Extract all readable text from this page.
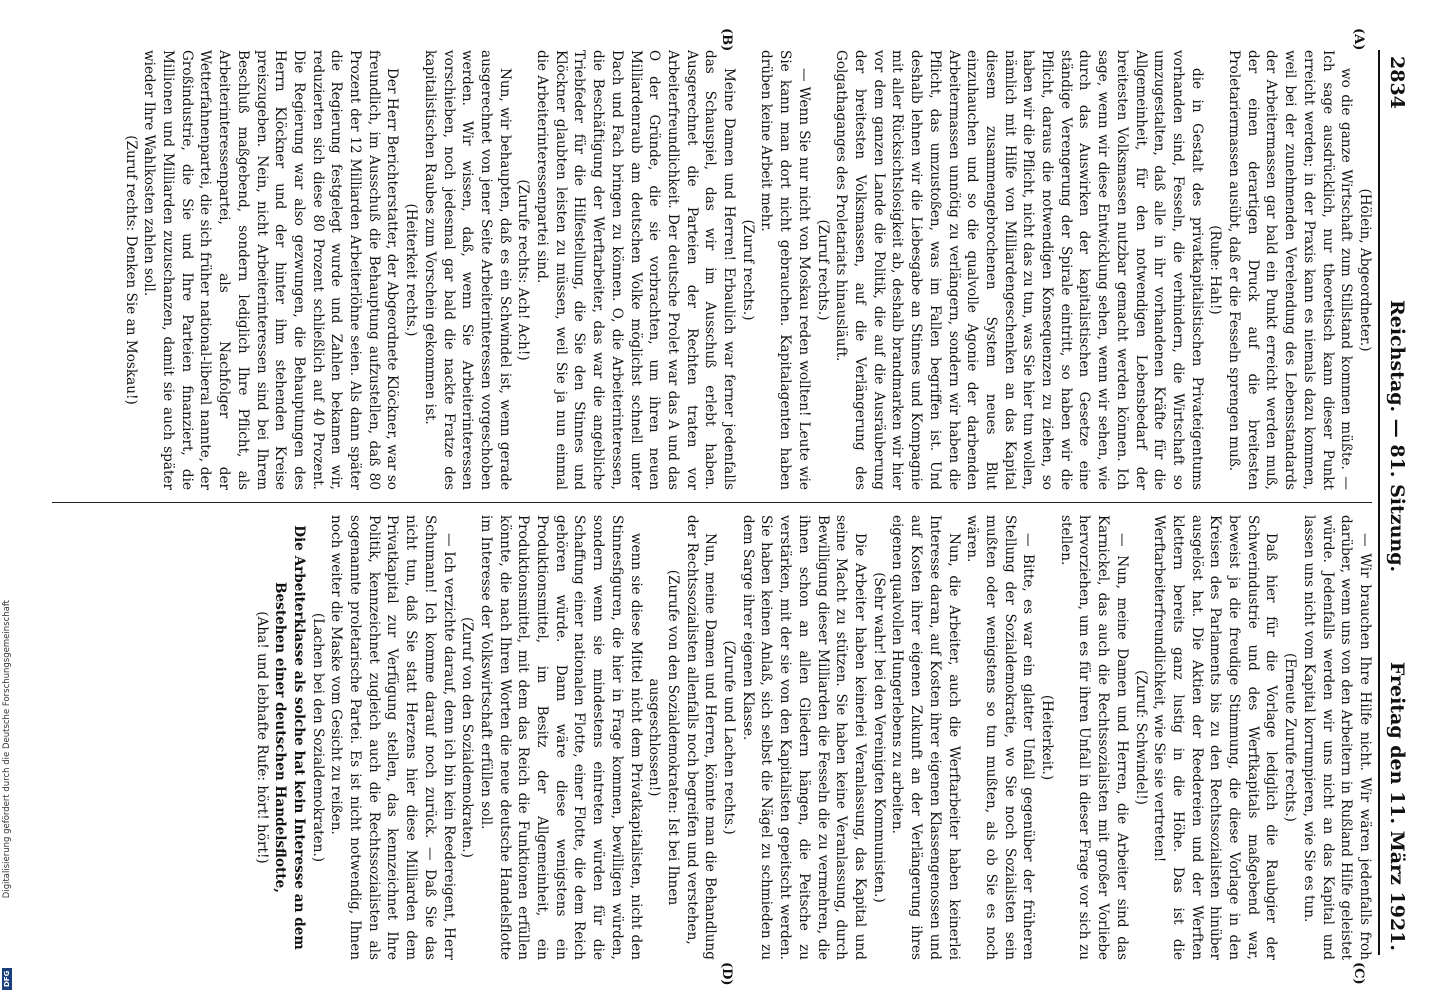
2834
Reichstag. — 81. Sitzung.
Freitag den 11. März 1921.
(A)
(B)
(C)
(D)

(Hölein, Abgeordneter.)

wo die ganze Wirtschaft zum Stillstand kommen müßte. — Ich sage ausdrücklich, nur theoretisch kann dieser Punkt erreicht werden; in der Praxis kann es niemals dazu kommen, weil bei der zunehmenden Verelendung des Lebensstandards der Arbeitermassen gar bald ein Punkt erreicht werden muß, der einen derartigen Druck auf die breitesten Proletariermassen ausübt, daß er die Fesseln sprengen muß.

(Ruhe: Hah!)

die in Gestalt des privatkapitalistischen Privateigentums vorhanden sind, Fesseln, die verhindern, die Wirtschaft so umzugestalten, daß alle in ihr vorhandenen Kräfte für die Allgemeinheit, für den notwendigen Lebensbedarf der breitesten Volksmassen nutzbar gemacht werden können. Ich sage, wenn wir diese Entwicklung sehen, wenn wir sehen, wie durch das Auswirken der kapitalistischen Gesetze eine ständige Verengerung der Spirale eintritt, so haben wir die Pflicht, daraus die notwendigen Konsequenzen zu ziehen, so haben wir die Pflicht, nicht das zu tun, was Sie hier tun wollen, nämlich mit Hilfe von Milliardengeschenken an das Kapital diesem zusammengebrochenen System neues Blut einzuhauchen und so die qualvolle Agonie der darbenden Arbeitermassen unnötig zu verlängern, sondern wir haben die Pflicht, das umzustoßen, was im Fallen begriffen ist. Und deshalb lehnen wir die Liebesgabe an Stinnes und Kompagnie mit aller Rücksichtslosigkeit ab, deshalb brandmarken wir hier vor dem ganzen Lande die Politik, die auf die Ausräuberung der breitesten Volksmassen, auf die Verlängerung des Golgathaganges des Proletariats hinausläuft.

(Zuruf rechts.)

— Wenn Sie nur nicht von Moskau reden wollten! Leute wie Sie kann man dort nicht gebrauchen. Kapitalagenten haben drüben keine Arbeit mehr.

(Zuruf rechts.)

Meine Damen und Herren! Erbaulich war ferner jedenfalls das Schauspiel, das wir im Ausschuß erlebt haben. Ausgerechnet die Parteien der Rechten traten vor Arbeiterfreundlichkeit. Der deutsche Prolet war das A und das O der Gründe, die sie vorbrachten, um ihren neuen Milliardenraub am deutschen Volke möglichst schnell unter Dach und Fach bringen zu können. O, die Arbeiterinteressen, die Beschäftigung der Werftarbeiter, das war die angebliche Triebfeder für die Hilfestellung, die Sie den Stinnes und Klöckner glaubten leisten zu müssen, weil Sie ja nun einmal die Arbeiterinteressenpartei sind.

(Zurufe rechts: Ach! Ach!)

Nun, wir behaupten, daß es ein Schwindel ist, wenn gerade ausgerechnet von jener Seite Arbeiterinteressen vorgeschoben werden. Wir wissen, daß, wenn Sie Arbeiterinteressen vorschieben, noch jedesmal gar bald die nackte Fratze des kapitalistischen Raubes zum Vorschein gekommen ist.

(Heiterkeit rechts.)

Der Herr Berichterstatter, der Abgeordnete Klöckner, war so freundlich, im Ausschuß die Behauptung aufzustellen, daß 80 Prozent der 12 Milliarden Arbeiterlöhne seien. Als dann später die Regierung festgelegt wurde und Zahlen bekamen wir, reduzierten sich diese 80 Prozent schließlich auf 40 Prozent. Die Regierung war also gezwungen, die Behauptungen des Herrn Klöckner und der hinter ihm stehenden Kreise preiszugeben. Nein, nicht Arbeiterinteressen sind bei Ihrem Beschluß maßgebend, sondern lediglich Ihre Pflicht, als Arbeiterinteressenpartei, als Nachfolger der Wetterfahnenpartei, die sich früher national-liberal nannte, der Großindustrie, die Sie und Ihre Parteien finanziert, die Millionen und Milliarden zuzuschanzen, damit sie auch später wieder Ihre Wahlkosten zahlen soll.

(Zuruf rechts: Denken Sie an Moskau!)

— Wir brauchen Ihre Hilfe nicht. Wir wären jedenfalls froh darüber, wenn uns von den Arbeitern in Rußland Hilfe geleistet würde. Jedenfalls werden wir uns nicht an das Kapital und lassen uns nicht vom Kapital korrumpieren, wie Sie es tun.

(Erneute Zurufe rechts.)

Daß hier für die Vorlage lediglich die Raubgier der Schwerindustrie und des Werftkapitals maßgebend war, beweist ja die freudige Stimmung, die diese Vorlage in den Kreisen des Parlaments bis zu den Rechtssozialisten hinüber ausgelöst hat. Die Aktien der Reedereien und der Werften klettern bereits ganz lustig in die Höhe. Das ist die Werftarbeiterfreundlichkeit, wie Sie sie vertreten!

(Zuruf: Schwindel!)

— Nun, meine Damen und Herren, die Arbeiter sind das Karnickel, das auch die Rechtssozialisten mit großer Vorliebe hervorziehen, um es für ihren Unfall in dieser Frage vor sich zu stellen.

(Heiterkeit.)

— Bitte, es war ein glatter Unfall gegenüber der früheren Stellung der Sozialdemokratie, wo Sie noch Sozialisten sein mußten oder wenigstens so tun mußten, als ob Sie es noch wären.

Nun, die Arbeiter, auch die Werftarbeiter haben keinerlei Interesse daran, auf Kosten ihrer eigenen Klassengenossen und auf Kosten ihrer eigenen Zukunft an der Verlängerung ihres eigenen qualvollen Hungerlebens zu arbeiten.

(Sehr wahr! bei den Vereinigten Kommunisten.)

Die Arbeiter haben keinerlei Veranlassung, das Kapital und seine Macht zu stützen. Sie haben keine Veranlassung, durch Bewilligung dieser Milliarden die Fesseln die zu vermehren, die ihnen schon an allen Gliedern hängen, die Peitsche zu verstärken, mit der sie von den Kapitalisten gepeitscht werden. Sie haben keinen Anlaß, sich selbst die Nägel zu schmieden zu dem Sarge ihrer eigenen Klasse.

(Zurufe und Lachen rechts.)

Nun, meine Damen und Herren, könnte man die Behandlung der Rechtssozialisten allenfalls noch begreifen und verstehen,

(Zurufe von den Sozialdemokraten: Ist bei Ihnen ausgeschlossen!)

wenn sie diese Mittel nicht dem Privatkapitalisten, nicht den Stinnesfiguren, die hier in Frage kommen, bewilligen würden, sondern wenn sie mindestens eintreten würden für die Schaffung einer nationalen Flotte, einer Flotte, die dem Reich gehören würde. Dann wäre diese wenigstens ein Produktionsmittel, im Besitz der Allgemeinheit, ein Produktionsmittel, mit dem das Reich die Funktionen erfüllen könnte, die nach Ihren Worten die neue deutsche Handelsflotte im Interesse der Volkswirtschaft erfüllen soll.

(Zuruf von den Sozialdemokraten.)

— Ich verzichte darauf, denn ich bin kein Reedereigent, Herr Schumann! Ich komme darauf noch zurück. — Daß Sie das nicht tun, daß Sie statt Herzens hier diese Milliarden dem Privatkapital zur Verfügung stellen, das kennzeichnet Ihre Politik, kennzeichnet zugleich auch die Rechtssozialisten als sogenannte proletarische Partei. Es ist nicht notwendig, Ihnen noch weiter die Maske vom Gesicht zu reißen.

(Lachen bei den Sozialdemokraten.)

Die Arbeiterklasse als solche hat kein Interesse an dem Bestehen einer deutschen Handelsflotte,

(Aha! und lebhafte Rufe: hört! hört!)

Digitalisierung gefördert durch die Deutsche Forschungsgemeinschaft
DFG
